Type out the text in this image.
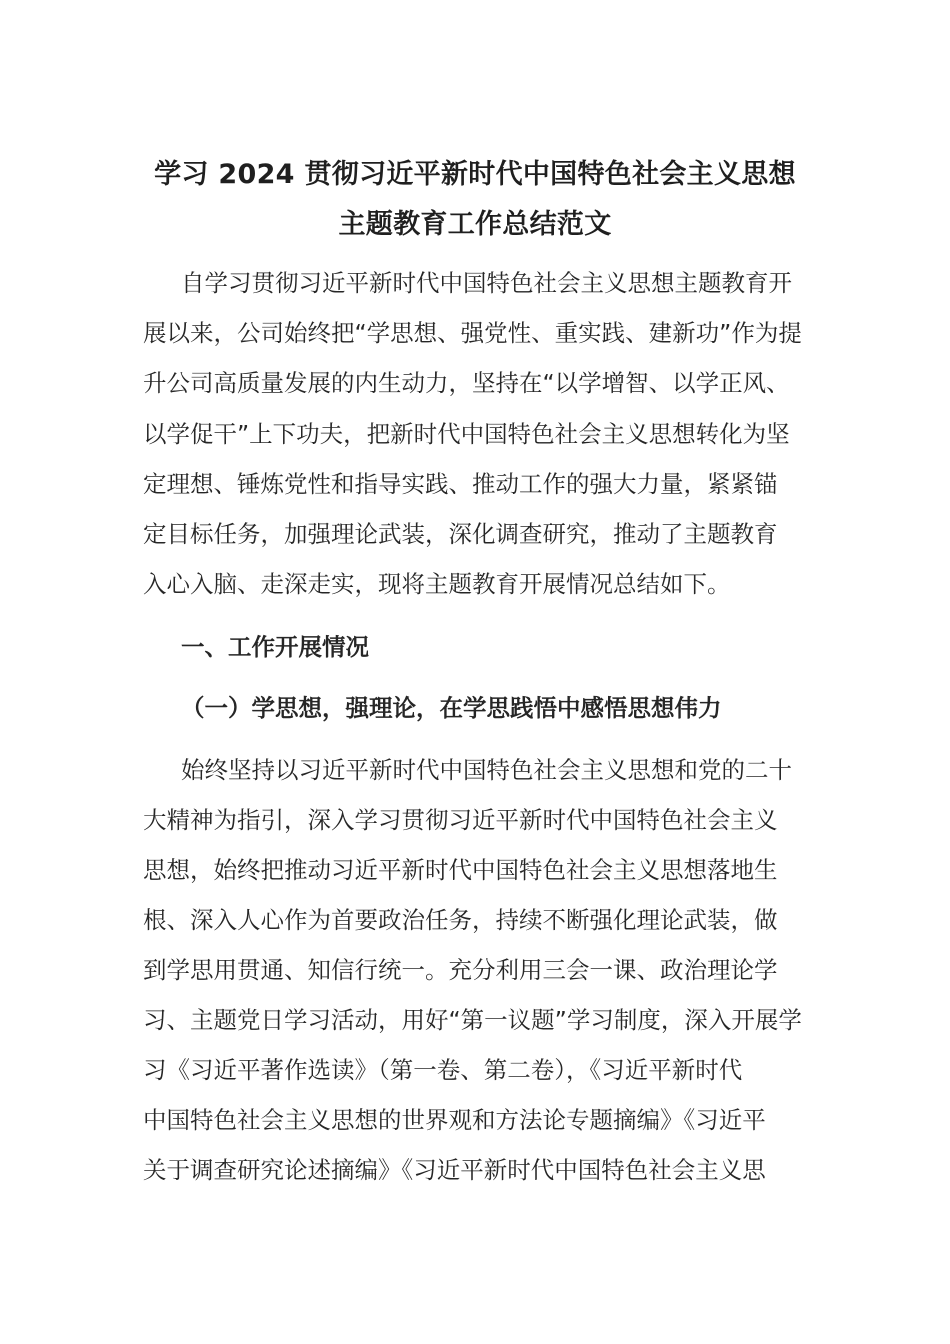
学习 2024 贯彻习近平新时代中国特色社会主义思想
主题教育工作总结范文
自学习贯彻习近平新时代中国特色社会主义思想主题教育开
展以来，公司始终把“学思想、强党性、重实践、建新功”作为提
升公司高质量发展的内生动力，坚持在“以学增智、以学正风、
以学促干”上下功夫，把新时代中国特色社会主义思想转化为坚
定理想、锤炼党性和指导实践、推动工作的强大力量，紧紧锚
定目标任务，加强理论武装，深化调查研究，推动了主题教育
入心入脑、走深走实，现将主题教育开展情况总结如下。
一、工作开展情况
（一）学思想，强理论，在学思践悟中感悟思想伟力
始终坚持以习近平新时代中国特色社会主义思想和党的二十
大精神为指引，深入学习贯彻习近平新时代中国特色社会主义
思想，始终把推动习近平新时代中国特色社会主义思想落地生
根、深入人心作为首要政治任务，持续不断强化理论武装，做
到学思用贯通、知信行统一。充分利用三会一课、政治理论学
习、主题党日学习活动，用好“第一议题”学习制度，深入开展学
习《习近平著作选读》（第一卷、第二卷），《习近平新时代
中国特色社会主义思想的世界观和方法论专题摘编》《习近平
关于调查研究论述摘编》《习近平新时代中国特色社会主义思
